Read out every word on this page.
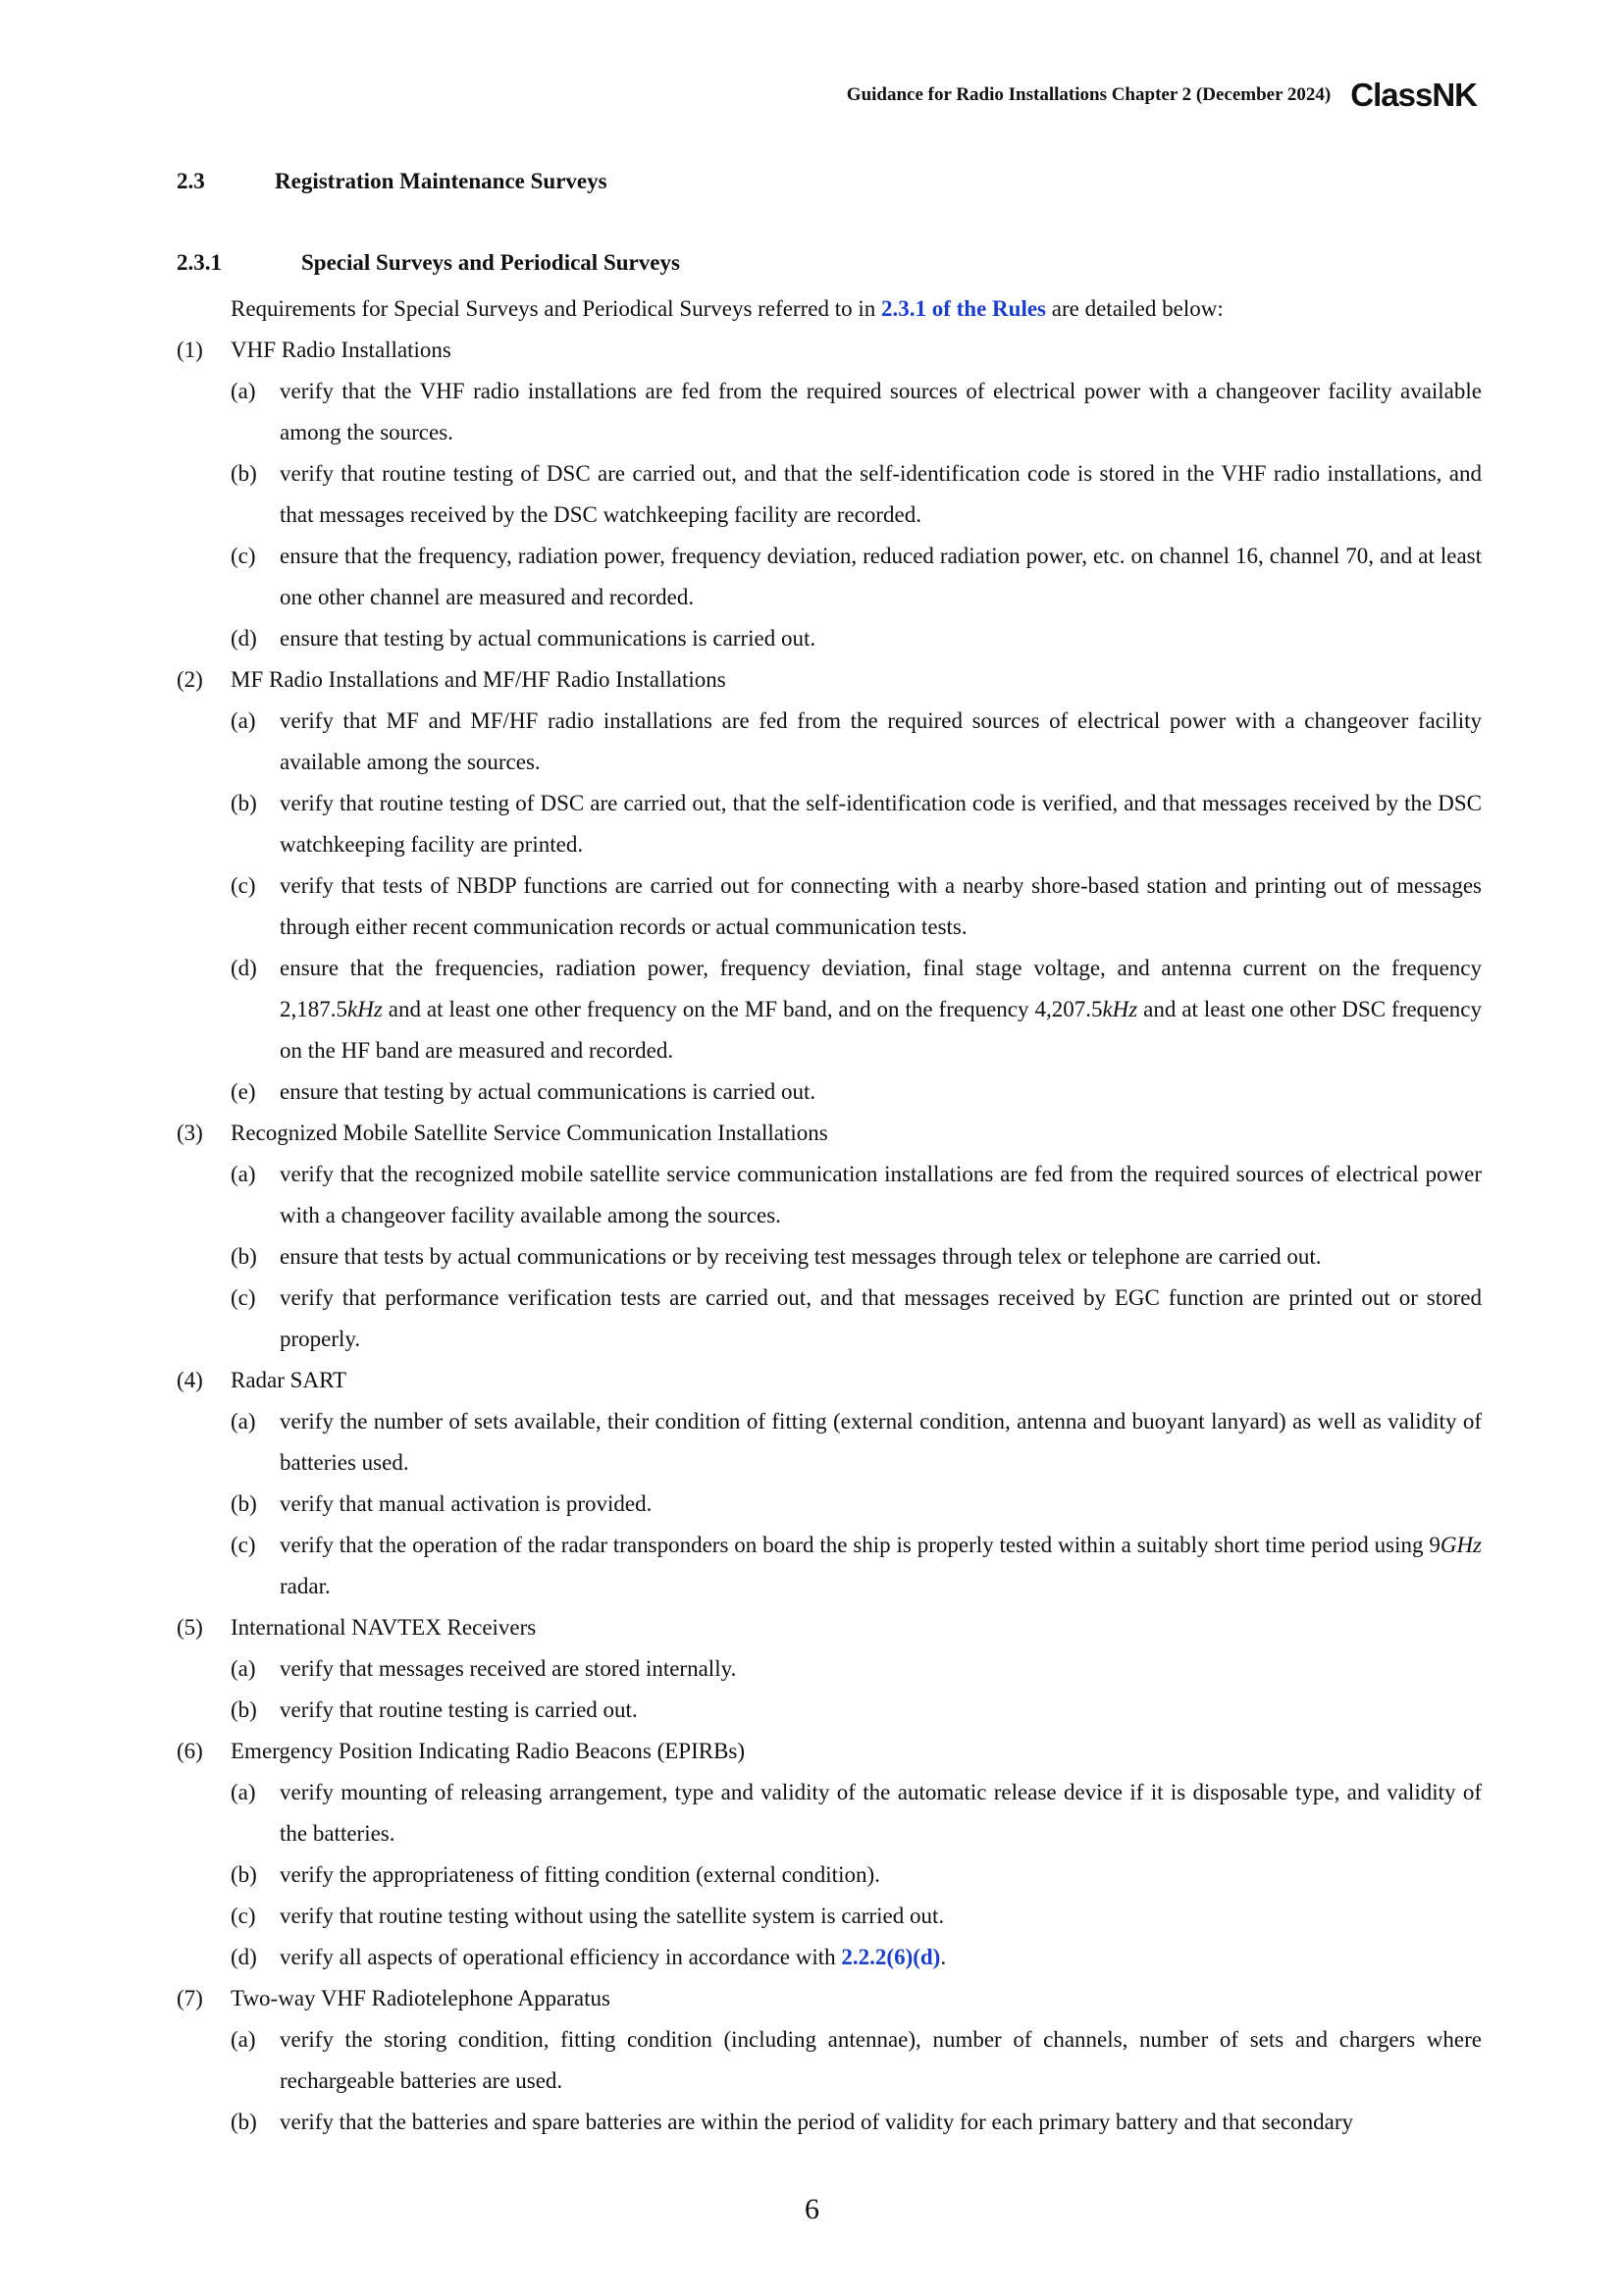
Guidance for Radio Installations Chapter 2 (December 2024) ClassNK
2.3	Registration Maintenance Surveys
2.3.1	Special Surveys and Periodical Surveys

Requirements for Special Surveys and Periodical Surveys referred to in 2.3.1 of the Rules are detailed below:

(1) VHF Radio Installations
(a) verify that the VHF radio installations are fed from the required sources of electrical power with a changeover facility available among the sources.
(b) verify that routine testing of DSC are carried out, and that the self-identification code is stored in the VHF radio installations, and that messages received by the DSC watchkeeping facility are recorded.
(c) ensure that the frequency, radiation power, frequency deviation, reduced radiation power, etc. on channel 16, channel 70, and at least one other channel are measured and recorded.
(d) ensure that testing by actual communications is carried out.
(2) MF Radio Installations and MF/HF Radio Installations
(a) verify that MF and MF/HF radio installations are fed from the required sources of electrical power with a changeover facility available among the sources.
(b) verify that routine testing of DSC are carried out, that the self-identification code is verified, and that messages received by the DSC watchkeeping facility are printed.
(c) verify that tests of NBDP functions are carried out for connecting with a nearby shore-based station and printing out of messages through either recent communication records or actual communication tests.
(d) ensure that the frequencies, radiation power, frequency deviation, final stage voltage, and antenna current on the frequency 2,187.5kHz and at least one other frequency on the MF band, and on the frequency 4,207.5kHz and at least one other DSC frequency on the HF band are measured and recorded.
(e) ensure that testing by actual communications is carried out.
(3) Recognized Mobile Satellite Service Communication Installations
(a) verify that the recognized mobile satellite service communication installations are fed from the required sources of electrical power with a changeover facility available among the sources.
(b) ensure that tests by actual communications or by receiving test messages through telex or telephone are carried out.
(c) verify that performance verification tests are carried out, and that messages received by EGC function are printed out or stored properly.
(4) Radar SART
(a) verify the number of sets available, their condition of fitting (external condition, antenna and buoyant lanyard) as well as validity of batteries used.
(b) verify that manual activation is provided.
(c) verify that the operation of the radar transponders on board the ship is properly tested within a suitably short time period using 9GHz radar.
(5) International NAVTEX Receivers
(a) verify that messages received are stored internally.
(b) verify that routine testing is carried out.
(6) Emergency Position Indicating Radio Beacons (EPIRBs)
(a) verify mounting of releasing arrangement, type and validity of the automatic release device if it is disposable type, and validity of the batteries.
(b) verify the appropriateness of fitting condition (external condition).
(c) verify that routine testing without using the satellite system is carried out.
(d) verify all aspects of operational efficiency in accordance with 2.2.2(6)(d).
(7) Two-way VHF Radiotelephone Apparatus
(a) verify the storing condition, fitting condition (including antennae), number of channels, number of sets and chargers where rechargeable batteries are used.
(b) verify that the batteries and spare batteries are within the period of validity for each primary battery and that secondary
6
